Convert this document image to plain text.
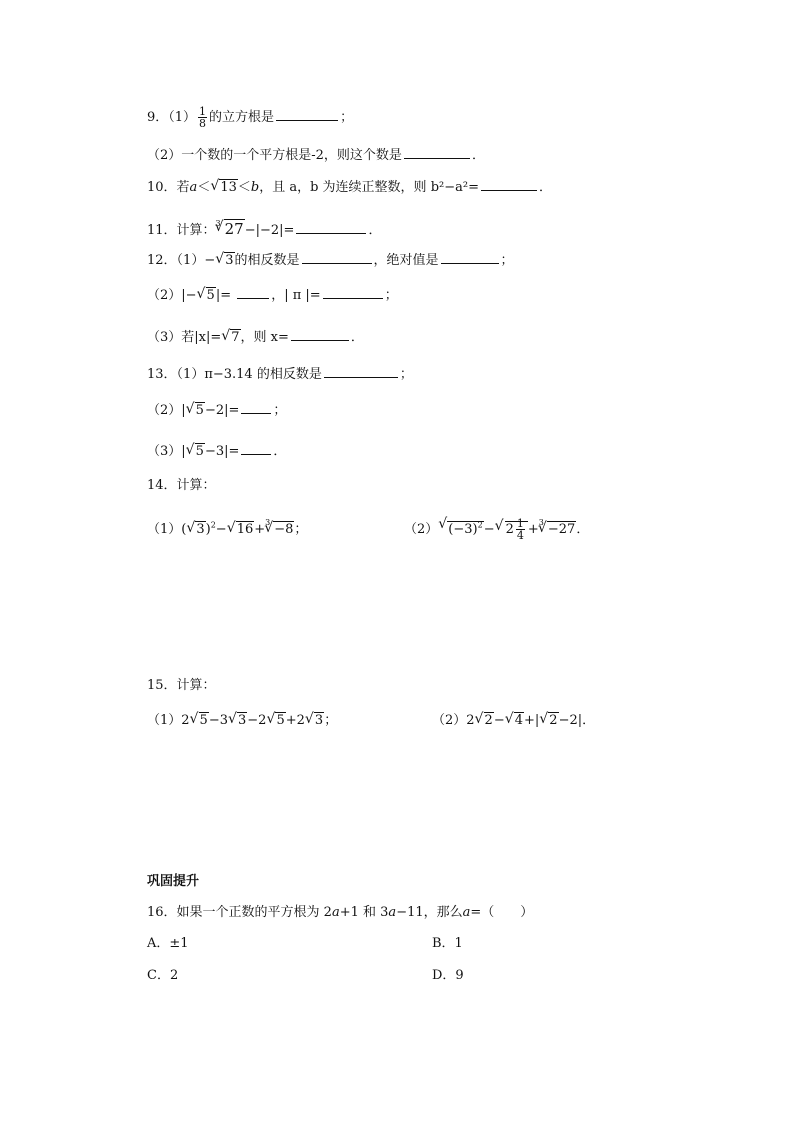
9．$(1) \frac{1}{8}$ 的立方根是	；
（2）一个数的一个平方根是-2，则这个数是	．
10．若a＜√ 13＜b，且 a，b 为连续正整数，则 b²−a²=	．
11．计算：$^3$√ 27−|−2|=	．
12．（1）−√ 3的相反数是	，绝对值是	；
（2）|−√ 5|=	，| π |=	；
（3）若|x|=√ 7，则 x=	．
13．（1）π−3.14 的相反数是	；
（2）|√ 5−2|=	；
（3）|√ 5−3|=	．
14．计算：
（1）(√ 3)$^2$−√ 16+$^3$√ −8；	（2）√ $(-3)^2-√$ $2 \frac{1}{4} +^3√ -27$．
15．计算：
（1）2√ 5−3√ 3−2√ 5+2√ 3；	（2）2√ 2−√ 4+|√ 2−2|．
巩固提升
16．如果一个正数的平方根为 2a+1 和 3a−11，那么a=（　　）
A．±1	B．1
C．2	D．9
